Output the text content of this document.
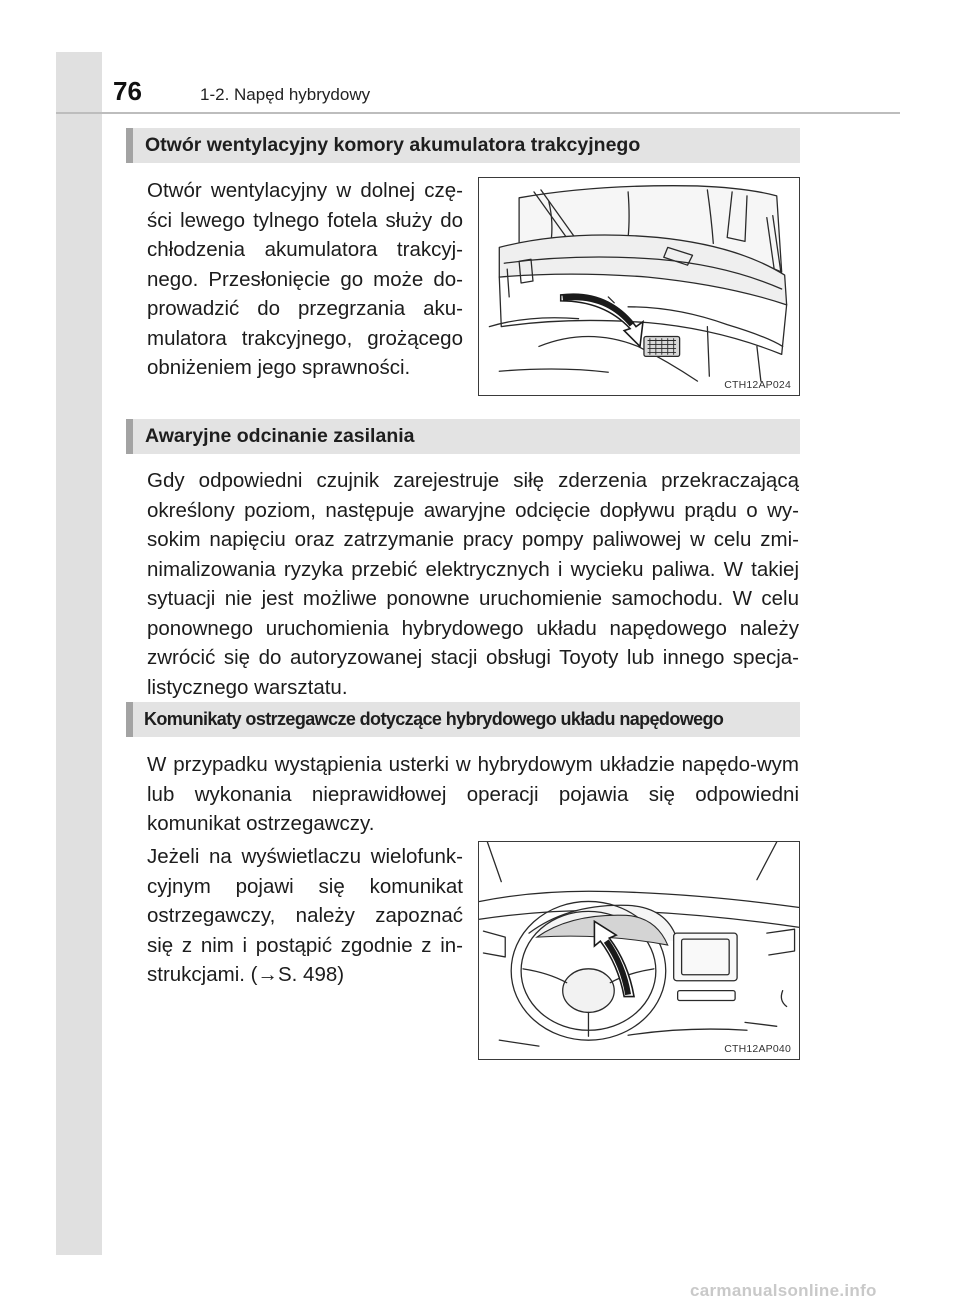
76	1-2. Napęd hybrydowy
Otwór wentylacyjny komory akumulatora trakcyjnego

Otwór wentylacyjny w dolnej czę-ści lewego tylnego fotela służy do chłodzenia akumulatora trakcyj-nego. Przesłonięcie go może do-prowadzić do przegrzania aku-mulatora trakcyjnego, grożącego obniżeniem jego sprawności.

CTH12AP024
Awaryjne odcinanie zasilania

Gdy odpowiedni czujnik zarejestruje siłę zderzenia przekraczającą określony poziom, następuje awaryjne odcięcie dopływu prądu o wy-sokim napięciu oraz zatrzymanie pracy pompy paliwowej w celu zmi-nimalizowania ryzyka przebić elektrycznych i wycieku paliwa. W takiej sytuacji nie jest możliwe ponowne uruchomienie samochodu. W celu ponownego uruchomienia hybrydowego układu napędowego należy zwrócić się do autoryzowanej stacji obsługi Toyoty lub innego specja-listycznego warsztatu.

Komunikaty ostrzegawcze dotyczące hybrydowego układu napędowego

W przypadku wystąpienia usterki w hybrydowym układzie napędo-wym lub wykonania nieprawidłowej operacji pojawia się odpowiedni komunikat ostrzegawczy.

Jeżeli na wyświetlaczu wielofunk-cyjnym pojawi się komunikat ostrzegawczy, należy zapoznać się z nim i postąpić zgodnie z in-strukcjami. (→S. 498)

CTH12AP040
carmanualsonline.info
